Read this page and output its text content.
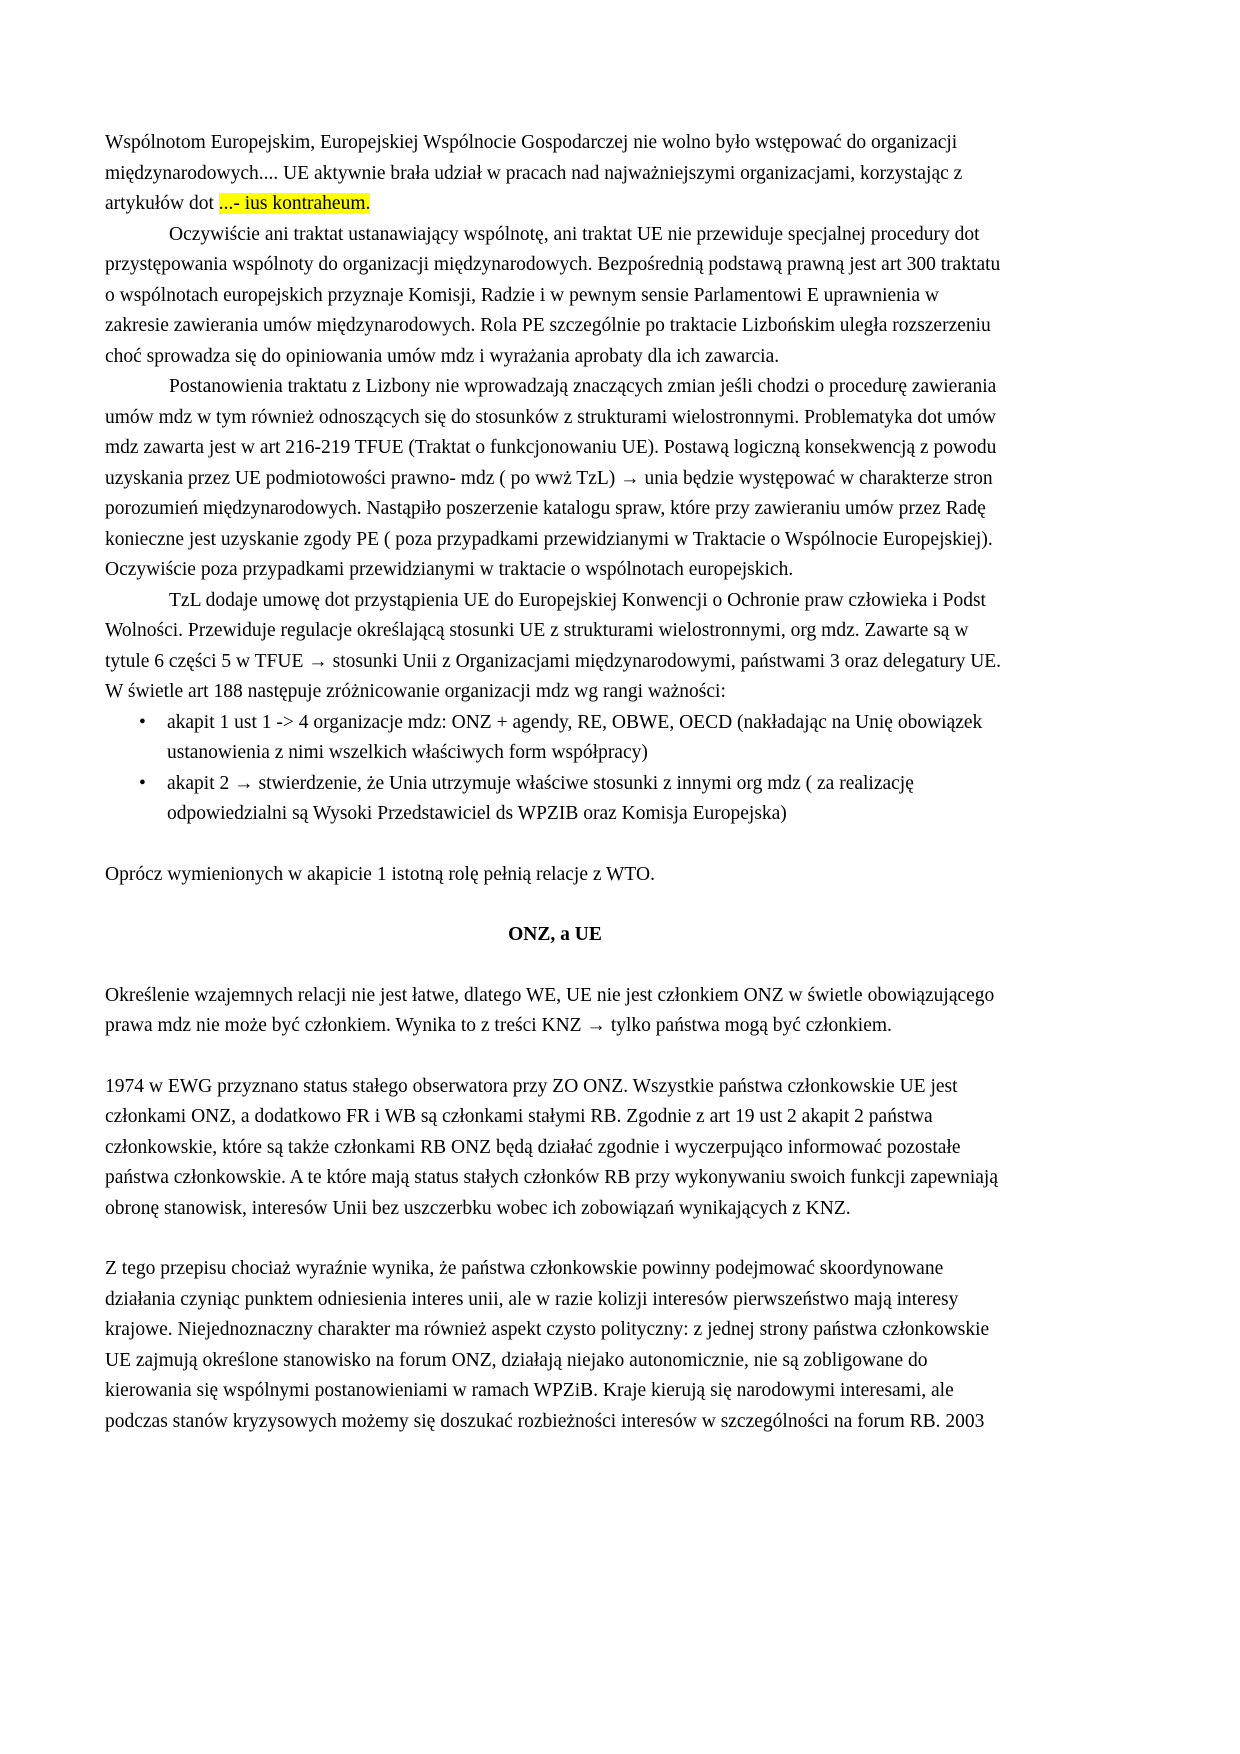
Wspólnotom Europejskim, Europejskiej Wspólnocie Gospodarczej nie wolno było wstępować do organizacji międzynarodowych.... UE aktywnie brała udział w pracach nad najważniejszymi organizacjami, korzystając z artykułów dot ...- ius kontraheum.

Oczywiście ani traktat ustanawiający wspólnotę, ani traktat UE nie przewiduje specjalnej procedury dot przystępowania wspólnoty do organizacji międzynarodowych. Bezpośrednią podstawą prawną jest art 300 traktatu o wspólnotach europejskich przyznaje Komisji, Radzie i w pewnym sensie Parlamentowi E uprawnienia w zakresie zawierania umów międzynarodowych. Rola PE szczególnie po traktacie Lizbońskim uległa rozszerzeniu choć sprowadza się do opiniowania umów mdz i wyrażania aprobaty dla ich zawarcia.

Postanowienia traktatu z Lizbony nie wprowadzają znaczących zmian jeśli chodzi o procedurę zawierania umów mdz w tym również odnoszących się do stosunków z strukturami wielostronnymi. Problematyka dot umów mdz zawarta jest w art 216-219 TFUE (Traktat o funkcjonowaniu UE). Postawą logiczną konsekwencją z powodu uzyskania przez UE podmiotowości prawno- mdz ( po wwż TzL) → unia będzie występować w charakterze stron porozumień międzynarodowych. Nastąpiło poszerzenie katalogu spraw, które przy zawieraniu umów przez Radę konieczne jest uzyskanie zgody PE ( poza przypadkami przewidzianymi w Traktacie o Wspólnocie Europejskiej). Oczywiście poza przypadkami przewidzianymi w traktacie o wspólnotach europejskich.

TzL dodaje umowę dot przystąpienia UE do Europejskiej Konwencji o Ochronie praw człowieka i Podst Wolności. Przewiduje regulacje określającą stosunki UE z strukturami wielostronnymi, org mdz. Zawarte są w tytule 6 części 5 w TFUE → stosunki Unii z Organizacjami międzynarodowymi, państwami 3 oraz delegatury UE. W świetle art 188 następuje zróżnicowanie organizacji mdz wg rangi ważności:

• akapit 1 ust 1 -> 4 organizacje mdz: ONZ + agendy, RE, OBWE, OECD (nakładając na Unię obowiązek ustanowienia z nimi wszelkich właściwych form współpracy)
• akapit 2 → stwierdzenie, że Unia utrzymuje właściwe stosunki z innymi org mdz ( za realizację odpowiedzialni są Wysoki Przedstawiciel ds WPZIB oraz Komisja Europejska)

Oprócz wymienionych w akapicie 1 istotną rolę pełnią relacje z WTO.

ONZ, a UE

Określenie wzajemnych relacji nie jest łatwe, dlatego WE, UE nie jest członkiem ONZ w świetle obowiązującego prawa mdz nie może być członkiem. Wynika to z treści KNZ → tylko państwa mogą być członkiem.

1974 w EWG przyznano status stałego obserwatora przy ZO ONZ. Wszystkie państwa członkowskie UE jest członkami ONZ, a dodatkowo FR i WB są członkami stałymi RB. Zgodnie z art 19 ust 2 akapit 2 państwa członkowskie, które są także członkami RB ONZ będą działać zgodnie i wyczerpująco informować pozostałe państwa członkowskie. A te które mają status stałych członków RB przy wykonywaniu swoich funkcji zapewniają obronę stanowisk, interesów Unii bez uszczerbku wobec ich zobowiązań wynikających z KNZ.

Z tego przepisu chociaż wyraźnie wynika, że państwa członkowskie powinny podejmować skoordynowane działania czyniąc punktem odniesienia interes unii, ale w razie kolizji interesów pierwszeństwo mają interesy krajowe. Niejednoznaczny charakter ma również aspekt czysto polityczny: z jednej strony państwa członkowskie UE zajmują określone stanowisko na forum ONZ, działają niejako autonomicznie, nie są zobligowane do kierowania się wspólnymi postanowieniami w ramach WPZiB. Kraje kierują się narodowymi interesami, ale podczas stanów kryzysowych możemy się doszukać rozbieżności interesów w szczególności na forum RB. 2003
